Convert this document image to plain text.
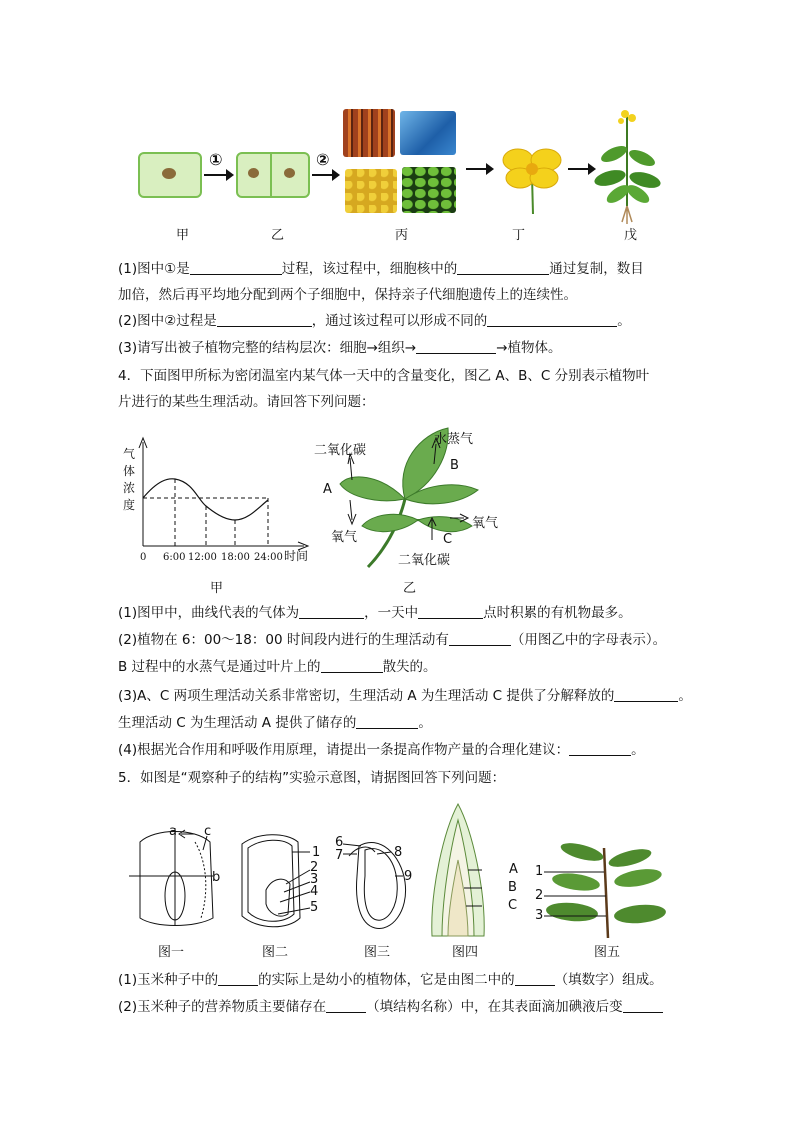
①	②
甲	乙	丙	丁	戊
(1)图中①是	过程，该过程中，细胞核中的	通过复制，数目
加倍，然后再平均地分配到两个子细胞中，保持亲子代细胞遗传上的连续性。
(2)图中②过程是	，通过该过程可以形成不同的	。
(3)请写出被子植物完整的结构层次：细胞→组织→	→植物体。
4．下面图甲所标为密闭温室内某气体一天中的含量变化，图乙 A、B、C 分别表示植物叶
片进行的某些生理活动。请回答下列问题：
气
体
浓
度
0 6:00 12:00 18:00 24:00 时间
甲
二氧化碳
水蒸气
B
A
氧气
氧气
C
二氧化碳
乙
(1)图甲中，曲线代表的气体为	，一天中	点时积累的有机物最多。
(2)植物在 6：00～18：00 时间段内进行的生理活动有	（用图乙中的字母表示）。
B 过程中的水蒸气是通过叶片上的	散失的。
(3)A、C 两项生理活动关系非常密切，生理活动 A 为生理活动 C 提供了分解释放的	。
生理活动 C 为生理活动 A 提供了储存的	。
(4)根据光合作用和呼吸作用原理，请提出一条提高作物产量的合理化建议：	。
5．如图是“观察种子的结构”实验示意图，请据图回答下列问题：
a c
b
1
2
3
4
5
6
7	8
9	A
B
C
1
2
3
图一	图二	图三	图四	图五
(1)玉米种子中的	的实际上是幼小的植物体，它是由图二中的	（填数字）组成。
(2)玉米种子的营养物质主要储存在	（填结构名称）中，在其表面滴加碘液后变
